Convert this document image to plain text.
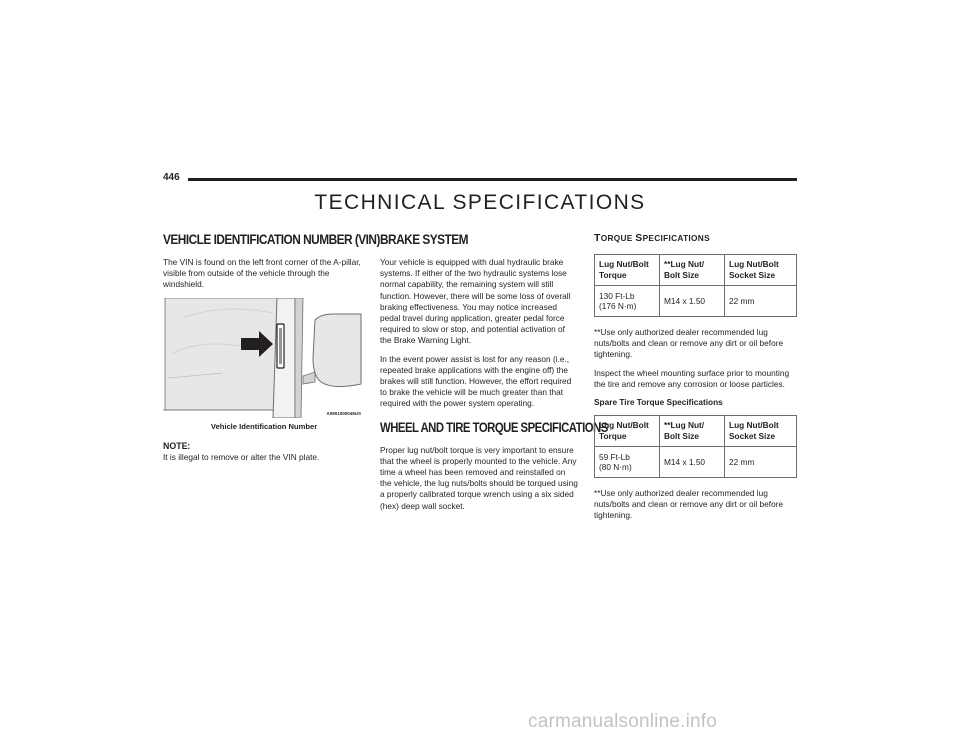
446
TECHNICAL SPECIFICATIONS
VEHICLE IDENTIFICATION NUMBER (VIN)

The VIN is found on the left front corner of the A-pillar, visible from outside of the vehicle through the windshield.

A0901000049US
Vehicle Identification Number
NOTE:

It is illegal to remove or alter the VIN plate.

BRAKE SYSTEM

Your vehicle is equipped with dual hydraulic brake systems. If either of the two hydraulic systems lose normal capability, the remaining system will still function. However, there will be some loss of overall braking effectiveness. You may notice increased pedal travel during application, greater pedal force required to slow or stop, and potential activation of the Brake Warning Light.

In the event power assist is lost for any reason (i.e., repeated brake applications with the engine off) the brakes will still function. However, the effort required to brake the vehicle will be much greater than that required with the power system operating.

WHEEL AND TIRE TORQUE SPECIFICATIONS

Proper lug nut/bolt torque is very important to ensure that the wheel is properly mounted to the vehicle. Any time a wheel has been removed and reinstalled on the vehicle, the lug nuts/bolts should be torqued using a properly calibrated torque wrench using a six sided (hex) deep wall socket.

TORQUE SPECIFICATIONS
Lug Nut/Bolt Torque	**Lug Nut/ Bolt Size	Lug Nut/Bolt Socket Size
130 Ft-Lb
(176 N·m)	M14 x 1.50	22 mm

**Use only authorized dealer recommended lug nuts/bolts and clean or remove any dirt or oil before tightening.

Inspect the wheel mounting surface prior to mounting the tire and remove any corrosion or loose particles.

Spare Tire Torque Specifications
Lug Nut/Bolt Torque	**Lug Nut/ Bolt Size	Lug Nut/Bolt Socket Size
59 Ft-Lb
(80 N·m)	M14 x 1.50	22 mm

**Use only authorized dealer recommended lug nuts/bolts and clean or remove any dirt or oil before tightening.

carmanualsonline.info
